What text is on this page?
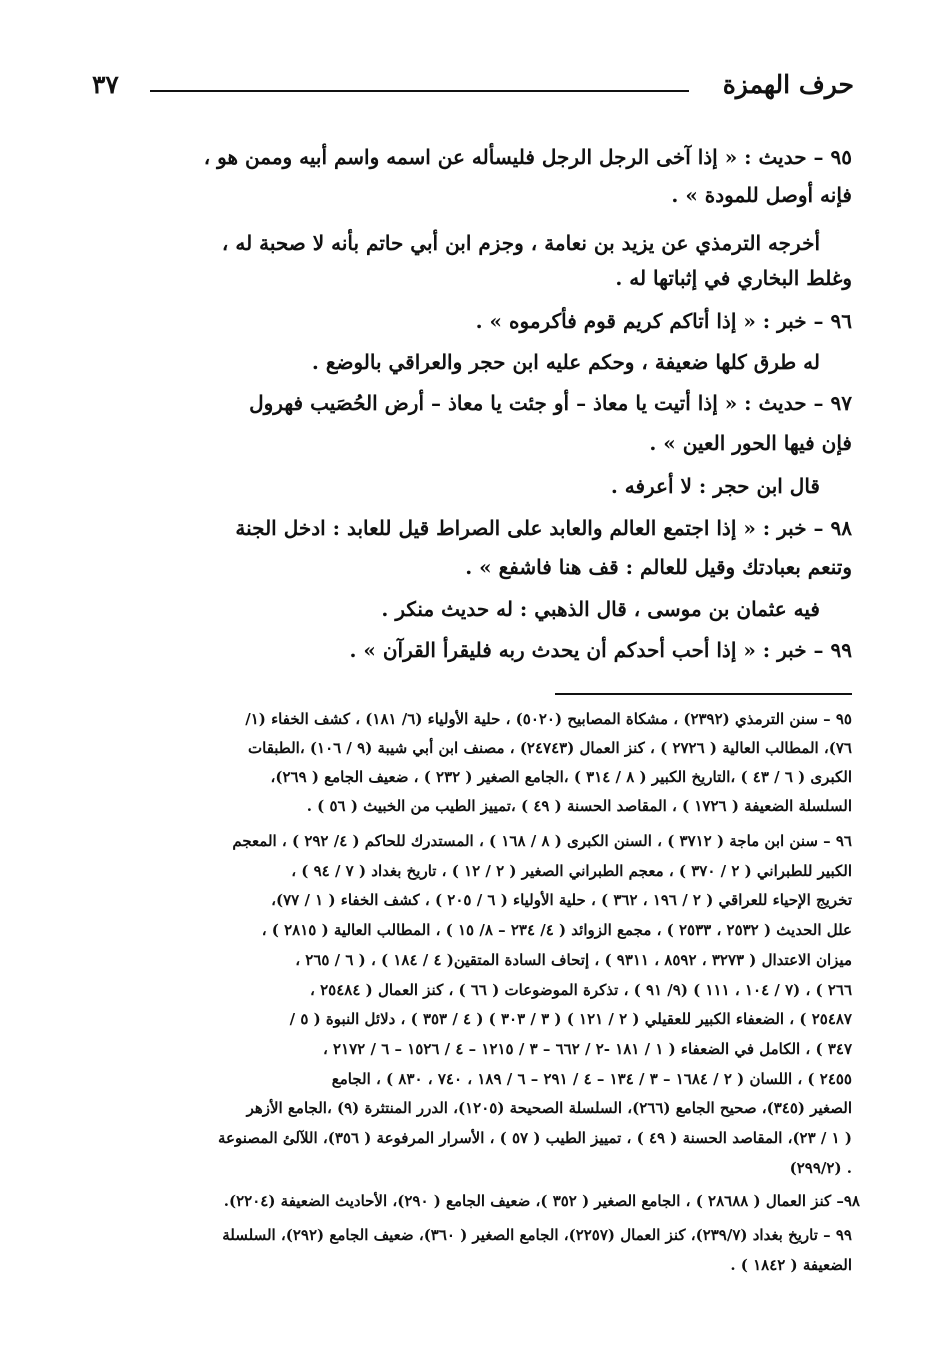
حرف الهمزة
٣٧
٩٥ – حديث : « إذا آخى الرجل الرجل فليسأله عن اسمه واسم أبيه وممن هو ،
فإنه أوصل للمودة » .
أخرجه الترمذي عن يزيد بن نعامة ، وجزم ابن أبي حاتم بأنه لا صحبة له ،
وغلط البخاري في إثباتها له .
٩٦ – خبر : « إذا أتاكم كريم قوم فأكرموه » .
له طرق كلها ضعيفة ، وحكم عليه ابن حجر والعراقي بالوضع .
٩٧ – حديث : « إذا أتيت يا معاذ – أو جئت يا معاذ – أرض الحُصَيب فهرول
فإن فيها الحور العين » .
قال ابن حجر : لا أعرفه .
٩٨ – خبر : « إذا اجتمع العالم والعابد على الصراط قيل للعابد : ادخل الجنة
وتنعم بعبادتك وقيل للعالم : قف هنا فاشفع » .
فيه عثمان بن موسى ، قال الذهبي : له حديث منكر .
٩٩ – خبر : « إذا أحب أحدكم أن يحدث ربه فليقرأ القرآن » .
٩٥ – سنن الترمذي (٢٣٩٢) ، مشكاة المصابيح (٥٠٢٠) ، حلية الأولياء (٦/ ١٨١) ، كشف الخفاء (١/
٧٦)، المطالب العالية ( ٢٧٢٦ ) ، كنز العمال (٢٤٧٤٣) ، مصنف ابن أبي شيبة (٩ / ١٠٦) ،الطبقات
الكبرى ( ٦ / ٤٣ ) ،التاريخ الكبير ( ٨ / ٣١٤ ) ،الجامع الصغير ( ٢٣٢ ) ، ضعيف الجامع ( ٢٦٩)،
السلسلة الضعيفة ( ١٧٢٦ ) ، المقاصد الحسنة ( ٤٩ ) ،تمييز الطيب من الخبيث ( ٥٦ ) .
٩٦ – سنن ابن ماجة ( ٣٧١٢ ) ، السنن الكبرى ( ٨ / ١٦٨ ) ، المستدرك للحاكم ( ٤/ ٢٩٢ ) ، المعجم
الكبير للطبراني ( ٢ / ٣٧٠ ) ، معجم الطبراني الصغير ( ٢ / ١٢ ) ، تاريخ بغداد ( ٧ / ٩٤ ) ،
تخريج الإحياء للعراقي ( ٢ / ١٩٦ ، ٣٦٢ ) ، حلية الأولياء ( ٦ / ٢٠٥ ) ، كشف الخفاء ( ١ / ٧٧)،
علل الحديث ( ٢٥٣٢ ، ٢٥٣٣ ) ، مجمع الزوائد ( ٤/ ٢٣٤ – ٨/ ١٥ ) ، المطالب العالية ( ٢٨١٥ ) ،
ميزان الاعتدال ( ٣٢٧٣ ، ٨٥٩٢ ، ٩٣١١ ) ، إتحاف السادة المتقين( ٤ / ١٨٤ ) ، ( ٦ / ٢٦٥ ،
٢٦٦ ) ، (٧ / ١٠٤ ، ١١١ ) (٩/ ٩١ ) ، تذكرة الموضوعات ( ٦٦ ) ، كنز العمال ( ٢٥٤٨٤ ،
٢٥٤٨٧ ) ، الضعفاء الكبير للعقيلي ( ٢ / ١٢١ ) ( ٣ / ٣٠٣ ) ( ٤ / ٣٥٣ ) ، دلائل النبوة ( ٥ /
٣٤٧ ) ، الكامل في الضعفاء ( ١ / ١٨١ -٢ / ٦٦٢ – ٣ / ١٢١٥ – ٤ / ١٥٢٦ – ٦ / ٢١٧٢ ،
٢٤٥٥ ) ، اللسان ( ٢ / ١٦٨٤ – ٣ / ١٣٤ – ٤ / ٢٩١ – ٦ / ١٨٩ ، ٧٤٠ ، ٨٣٠ ) ، الجامع
الصغير (٣٤٥)، صحيح الجامع (٢٦٦)، السلسلة الصحيحة (١٢٠٥)، الدرر المنتثرة (٩) ،الجامع الأزهر
( ١ / ٢٣)، المقاصد الحسنة ( ٤٩ ) ، تمييز الطيب ( ٥٧ ) ، الأسرار المرفوعة ( ٣٥٦)، اللآلئ المصنوعة
(٢٩٩/٢) .
٩٨– كنز العمال ( ٢٨٦٨٨ ) ، الجامع الصغير ( ٣٥٢ )، ضعيف الجامع ( ٢٩٠)، الأحاديث الضعيفة (٢٢٠٤).
٩٩ – تاريخ بغداد (٢٣٩/٧)، كنز العمال (٢٢٥٧)، الجامع الصغير ( ٣٦٠)، ضعيف الجامع (٢٩٢)، السلسلة
الضعيفة ( ١٨٤٢ ) .
